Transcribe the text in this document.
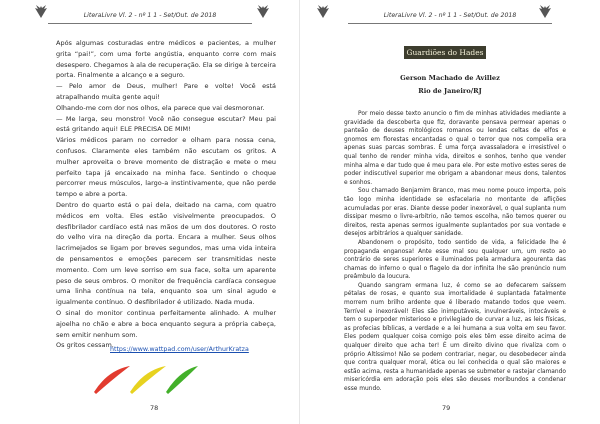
LiteraLivre Vl. 2 - nº 1 1 - Set/Out. de 2018
Após algumas costuradas entre médicos e pacientes, a mulher grita “pai!”, com uma forte angústia, enquanto corre com mais desespero. Chegamos à ala de recuperação. Ela se dirige à terceira porta. Finalmente a alcanço e a seguro.
— Pelo amor de Deus, mulher! Pare e volte! Você está atrapalhando muita gente aqui!
Olhando-me com dor nos olhos, ela parece que vai desmoronar.
— Me larga, seu monstro! Você não consegue escutar? Meu pai está gritando aqui! ELE PRECISA DE MIM!
Vários médicos param no corredor e olham para nossa cena, confusos. Claramente eles também não escutam os gritos. A mulher aproveita o breve momento de distração e mete o meu perfeito tapa já encaixado na minha face. Sentindo o choque percorrer meus músculos, largo-a instintivamente, que não perde tempo e abre a porta.
Dentro do quarto está o pai dela, deitado na cama, com quatro médicos em volta. Eles estão visivelmente preocupados. O desfibrilador cardíaco está nas mãos de um dos doutores. O rosto do velho vira na direção da porta. Encara a mulher. Seus olhos lacrimejados se ligam por breves segundos, mas uma vida inteira de pensamentos e emoções parecem ser transmitidas neste momento. Com um leve sorriso em sua face, solta um aparente peso de seus ombros. O monitor de frequência cardíaca consegue uma linha contínua na tela, enquanto soa um sinal agudo e igualmente contínuo. O desfibrilador é utilizado. Nada muda.
O sinal do monitor continua perfeitamente alinhado. A mulher ajoelha no chão e abre a boca enquanto segura a própria cabeça, sem emitir nenhum som.
Os gritos cessam.
https://www.wattpad.com/user/ArthurKratza
78
LiteraLivre Vl. 2 - nº 1 1 - Set/Out. de 2018
Guardiões do Hades
Gerson Machado de Avillez
Rio de Janeiro/RJ
Por meio desse texto anuncio o fim de minhas atividades mediante a gravidade da descoberta que fiz, doravante pensava permear apenas o panteão de deuses mitológicos romanos ou lendas celtas de elfos e gnomos em florestas encantadas o qual o terror que nos compelia era apenas suas parcas sombras. É uma força avassaladora e irresistível o qual tenho de render minha vida, direitos e sonhos, tenho que vender minha alma e dar tudo que é meu para ele. Por este motivo estes seres de poder indiscutível superior me obrigam a abandonar meus dons, talentos e sonhos.
Sou chamado Benjamim Branco, mas meu nome pouco importa, pois tão logo minha identidade se esfacelaria no montante de aflições acumuladas por eras. Diante desse poder inexorável, o qual suplanta num dissipar mesmo o livre-arbítrio, não temos escolha, não temos querer ou direitos, resta apenas sermos igualmente suplantados por sua vontade e desejos arbitrários a qualquer sanidade.
Abandonem o propósito, todo sentido de vida, a felicidade lhe é propaganda enganosa! Ante esse mal sou qualquer um, um resto ao contrário de seres superiores e iluminados pela armadura agourenta das chamas do inferno o qual o flagelo da dor infinita lhe são prenúncio num preâmbulo da loucura.
Quando sangram ermana luz, é como se ao defecarem saíssem pétalas de rosas, e quanto sua imortalidade é suplantada fatalmente morrem num brilho ardente que é liberado matando todos que veem. Terrível e inexorável! Eles são inimputáveis, invulneráveis, intocáveis e tem o superpoder misterioso e privilegiado de curvar a luz, as leis físicas, as profecias bíblicas, a verdade e a lei humana a sua volta em seu favor. Eles podem qualquer coisa comigo pois eles têm esse direito acima de qualquer direito que acha ter! É um direito divino que rivaliza com o próprio Altíssimo! Não se podem contrariar, negar, ou desobedecer ainda que contra qualquer moral, ética ou lei conhecida o qual são maiores e estão acima, resta a humanidade apenas se submeter e rastejar clamando misericórdia em adoração pois eles são deuses moribundos a condenar esse mundo.
79
